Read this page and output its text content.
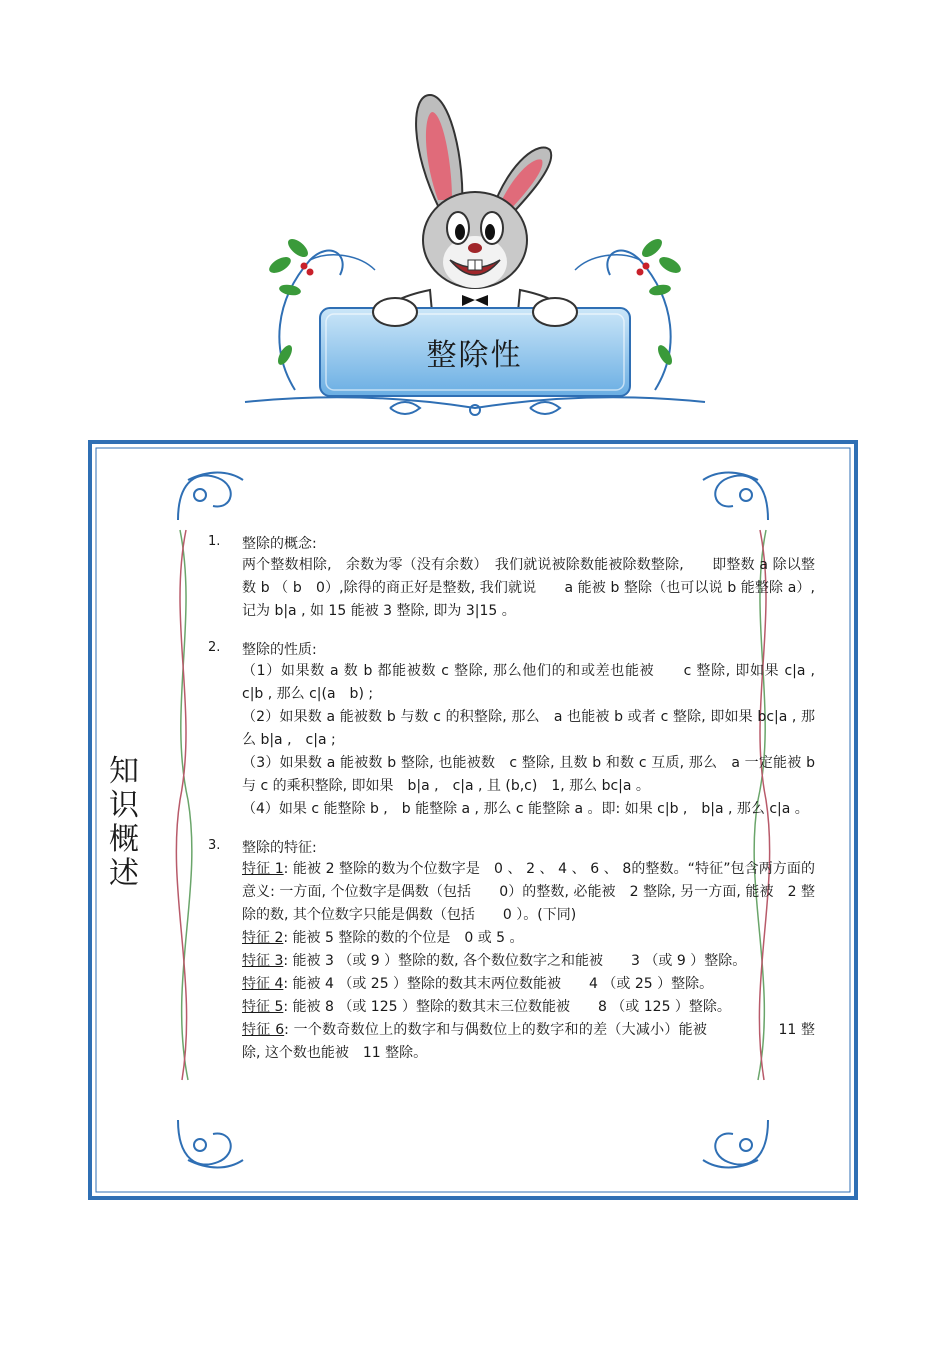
整除性
知
识
概
述
1. 整除的概念:

两个整数相除,　余数为零（没有余数）　我们就说被除数能被除数整除,　　即整数 a 除以整数 b （ b　0）,除得的商正好是整数, 我们就说　　a 能被 b 整除（也可以说 b 能整除 a）, 记为 b|a , 如 15 能被 3 整除, 即为 3|15 。

2. 整除的性质:

（1）如果数 a 数 b 都能被数 c 整除, 那么他们的和或差也能被　　c 整除, 即如果 c|a ,　c|b , 那么 c|(a　b) ;

（2）如果数 a 能被数 b 与数 c 的积整除, 那么　a 也能被 b 或者 c 整除, 即如果 bc|a , 那么 b|a ,　c|a ;

（3）如果数 a 能被数 b 整除, 也能被数　c 整除, 且数 b 和数 c 互质, 那么　a 一定能被 b 与 c 的乘积整除, 即如果　b|a ,　c|a , 且 (b,c)　1, 那么 bc|a 。

（4）如果 c 能整除 b ,　b 能整除 a , 那么 c 能整除 a 。即: 如果 c|b ,　b|a , 那么 c|a 。

3. 整除的特征:

特征 1: 能被 2 整除的数为个位数字是　0 、 2 、 4 、 6 、 8的整数。“特征”包含两方面的意义: 一方面, 个位数字是偶数（包括　　0）的整数, 必能被　2 整除, 另一方面, 能被　2 整除的数, 其个位数字只能是偶数（包括　　0 ）。(下同)

特征 2: 能被 5 整除的数的个位是　0 或 5 。

特征 3: 能被 3 （或 9 ）整除的数, 各个数位数字之和能被　　3 （或 9 ）整除。

特征 4: 能被 4 （或 25 ）整除的数其末两位数能被　　4 （或 25 ）整除。

特征 5: 能被 8 （或 125 ）整除的数其末三位数能被　　8 （或 125 ）整除。

特征 6: 一个数奇数位上的数字和与偶数位上的数字和的差（大减小）能被　　　　　11 整除, 这个数也能被　11 整除。
